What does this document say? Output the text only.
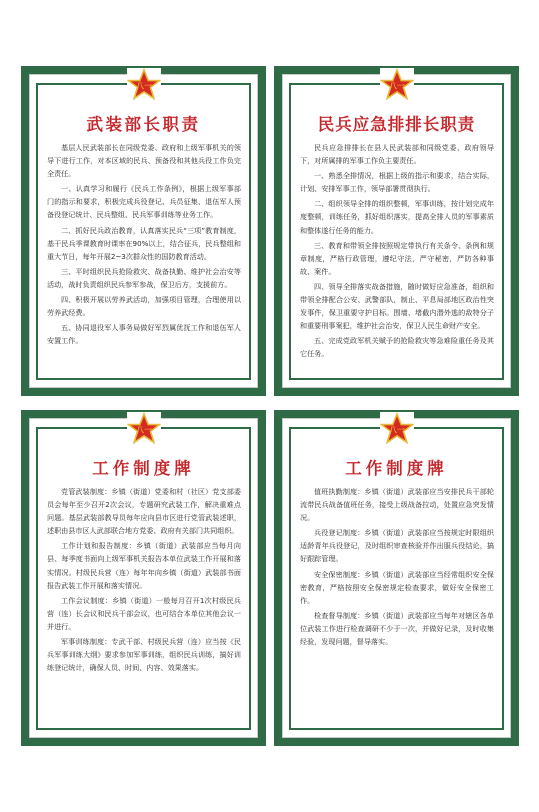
八一
武装部长职责

基层人民武装部长在同级党委、政府和上级军事机关的领导下进行工作，对本区域的民兵、预备役和其他兵役工作负完全责任。

一、认真学习和履行《民兵工作条例》，根据上级军事部门的指示和要求，积极完成兵役登记、兵员征集、退伍军人预备役登记统计、民兵整组、民兵军事训练等业务工作。

二、抓好民兵政治教育，认真落实民兵“三项”教育制度，基干民兵季课教育时课率在90%以上，结合征兵，民兵整组和重大节日，每年开展2~3次群众性的国防教育活动。

三、平时组织民兵抢险救灾、战备执勤、维护社会治安等活动，战时负责组织民兵参军参战，保卫后方，支援前方。

四、积极开展以劳养武活动，加强项目管理，合理使用以劳养武经费。

五、协同退役军人事务局做好军烈属优抚工作和退伍军人安置工作。

八一
民兵应急排排长职责

民兵应急排排长在县人民武装部和同级党委、政府领导下，对所属排的军事工作负主要责任。

一、熟悉全排情况，根据上级的指示和要求，结合实际，计划、安排军事工作，领导部署贯彻执行。

二、组织领导全排的组织整顿，军事训练，按计划完成年度整顿，训练任务，抓好组织落实，提高全排人员的军事素质和整体遂行任务的能力。

三、教育和带领全排按照规定带执行有关条令、条例和规章制度，严格行政管理，遵纪守法，严守秘密，严防各种事故、案件。

四、领导全排落实战备措施，随时做好应急准备，组织和带领全排配合公安、武警部队，制止、平息局部地区政治性突发事件，保卫重要守护目标。围墙、堵截内潜外逃的敌特分子和重要刑事案犯，维护社会治安，保卫人民生命财产安全。

五、完成党政军机关赋予的抢险救灾等急难险重任务及其它任务。

八一
工作制度牌

党管武装制度：乡镇（街道）党委和村（社区）党支部委员会每年至少召开2次会议，专题研究武装工作，解决重难点问题。基层武装部教导员每年应向县市区进行党管武装述职，述职由县市区人武部联合地方党委、政府有关部门共同组织。

工作计划和报告制度：乡镇（街道）武装部应当每月向县、每季度书面向上级军事机关报告本单位武装工作开展和落实情况。村级民兵营（连）每年年向乡镇（街道）武装部书面报告武装工作开展和落实情况。

工作会议制度：乡镇（街道）一般每月召开1次村级民兵营（连）长会议和民兵干部会议，也可结合本单位其他会议一并进行。

军事训练制度：专武干部、村级民兵营（连）应当按《民兵军事训练大纲》要求参加军事训练，组织民兵训练，搞好训练登记统计，确保人员、时间、内容、效果落实。

八一
工作制度牌

值班执勤制度：乡镇（街道）武装部应当安排民兵干部轮流带民兵战备值班任务，接受上级战备拉动，处置应急突发情况。

兵役登记制度：乡镇（街道）武装部应当按规定时限组织适龄青年兵役登记，及时组织审查核验并作出服兵役结论，搞好跟踪管理。

安全保密制度：乡镇（街道）武装部应当经常组织安全保密教育，严格按照安全保密规定检查要求，做好安全保密工作。

检查督导制度：乡镇（街道）武装部应当每年对辖区各单位武装工作进行检查调研不少于一次，并做好记录，及时收集经验，发现问题，督导落实。
